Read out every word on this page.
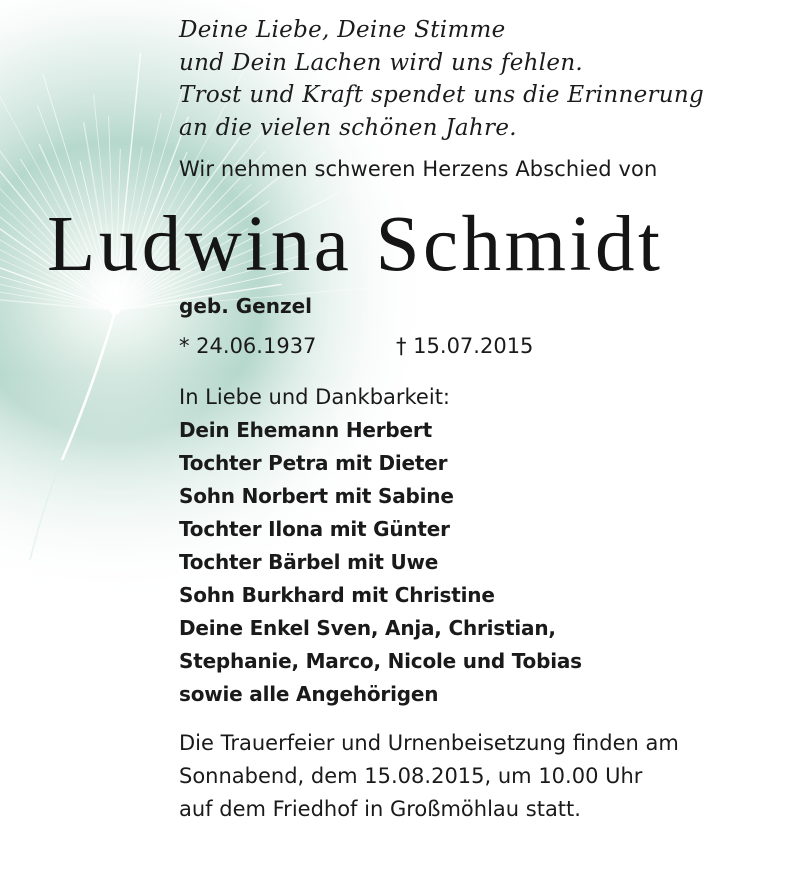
Deine Liebe, Deine Stimme
und Dein Lachen wird uns fehlen.
Trost und Kraft spendet uns die Erinnerung
an die vielen schönen Jahre.
Wir nehmen schweren Herzens Abschied von
Ludwina Schmidt
geb. Genzel
* 24.06.1937	† 15.07.2015
In Liebe und Dankbarkeit:
Dein Ehemann Herbert
Tochter Petra mit Dieter
Sohn Norbert mit Sabine
Tochter Ilona mit Günter
Tochter Bärbel mit Uwe
Sohn Burkhard mit Christine
Deine Enkel Sven, Anja, Christian,
Stephanie, Marco, Nicole und Tobias
sowie alle Angehörigen
Die Trauerfeier und Urnenbeisetzung finden am
Sonnabend, dem 15.08.2015, um 10.00 Uhr
auf dem Friedhof in Großmöhlau statt.
